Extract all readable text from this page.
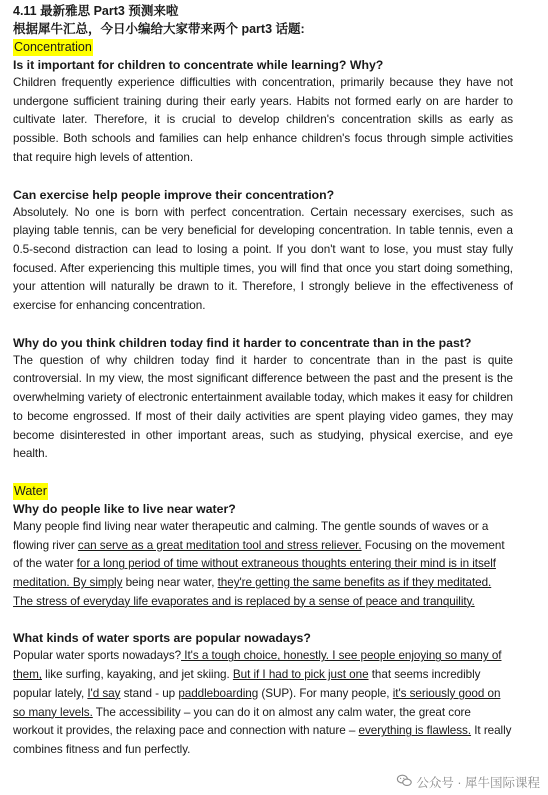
4.11 最新雅思 Part3 预测来啦
根据犀牛汇总，今日小编给大家带来两个 part3 话题:
Concentration
Is it important for children to concentrate while learning? Why?
Children frequently experience difficulties with concentration, primarily because they have not undergone sufficient training during their early years. Habits not formed early on are harder to cultivate later. Therefore, it is crucial to develop children's concentration skills as early as possible. Both schools and families can help enhance children's focus through simple activities that require high levels of attention.
Can exercise help people improve their concentration?
Absolutely. No one is born with perfect concentration. Certain necessary exercises, such as playing table tennis, can be very beneficial for developing concentration. In table tennis, even a 0.5-second distraction can lead to losing a point. If you don't want to lose, you must stay fully focused. After experiencing this multiple times, you will find that once you start doing something, your attention will naturally be drawn to it. Therefore, I strongly believe in the effectiveness of exercise for enhancing concentration.
Why do you think children today find it harder to concentrate than in the past?
The question of why children today find it harder to concentrate than in the past is quite controversial. In my view, the most significant difference between the past and the present is the overwhelming variety of electronic entertainment available today, which makes it easy for children to become engrossed. If most of their daily activities are spent playing video games, they may become disinterested in other important areas, such as studying, physical exercise, and eye health.
Water
Why do people like to live near water?
Many people find living near water therapeutic and calming. The gentle sounds of waves or a flowing river can serve as a great meditation tool and stress reliever. Focusing on the movement of the water for a long period of time without extraneous thoughts entering their mind is in itself meditation. By simply being near water, they're getting the same benefits as if they meditated. The stress of everyday life evaporates and is replaced by a sense of peace and tranquility.
What kinds of water sports are popular nowadays?
Popular water sports nowadays? It's a tough choice, honestly. I see people enjoying so many of them, like surfing, kayaking, and jet skiing. But if I had to pick just one that seems incredibly popular lately, I'd say stand - up paddleboarding (SUP). For many people, it's seriously good on so many levels. The accessibility – you can do it on almost any calm water, the great core workout it provides, the relaxing pace and connection with nature – everything is flawless. It really combines fitness and fun perfectly.
公众号 · 犀牛国际课程
